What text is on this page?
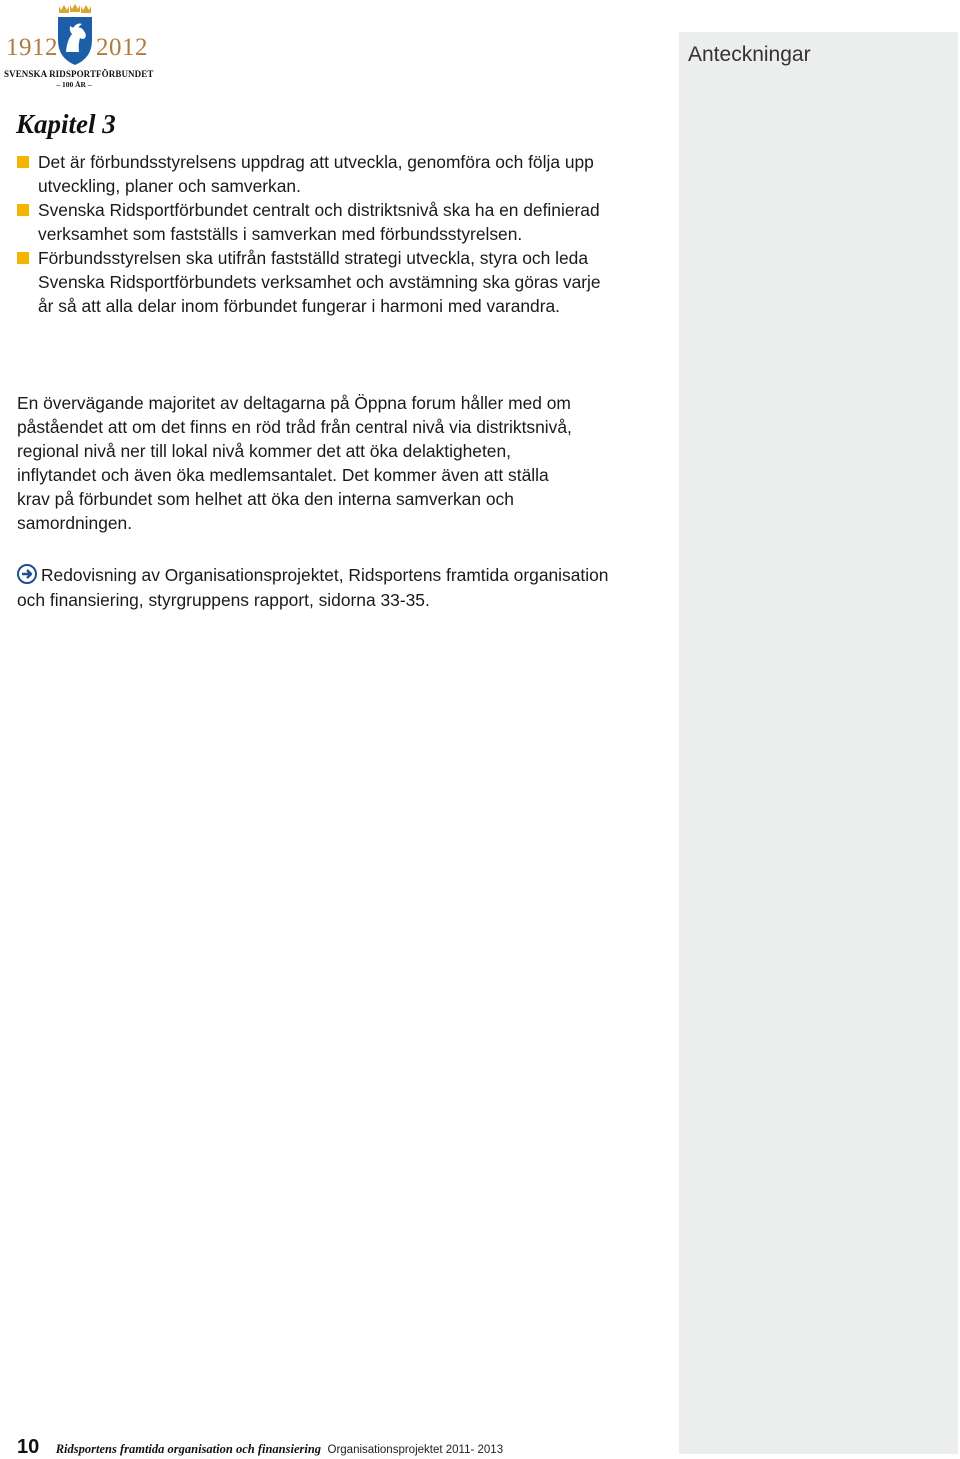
1912 2012
SVENSKA RIDSPORTFÖRBUNDET
– 100 ÅR –
Anteckningar
Kapitel 3
Det är förbundsstyrelsens uppdrag att utveckla, genomföra och följa upp utveckling, planer och samverkan.
Svenska Ridsportförbundet centralt och distriktsnivå ska ha en definierad verksamhet som fastställs i samverkan med förbundsstyrelsen.
Förbundsstyrelsen ska utifrån fastställd strategi utveckla, styra och leda Svenska Ridsportförbundets verksamhet och avstämning ska göras varje år så att alla delar inom förbundet fungerar i harmoni med varandra.

En övervägande majoritet av deltagarna på Öppna forum håller med om påståendet att om det finns en röd tråd från central nivå via distriktsnivå, regional nivå ner till lokal nivå kommer det att öka delaktigheten, inflytandet och även öka medlemsantalet. Det kommer även att ställa krav på förbundet som helhet att öka den interna samverkan och samordningen.

Redovisning av Organisationsprojektet, Ridsportens framtida organisation och finansiering, styrgruppens rapport, sidorna 33-35.
10 Ridsportens framtida organisation och finansiering Organisationsprojektet 2011- 2013
